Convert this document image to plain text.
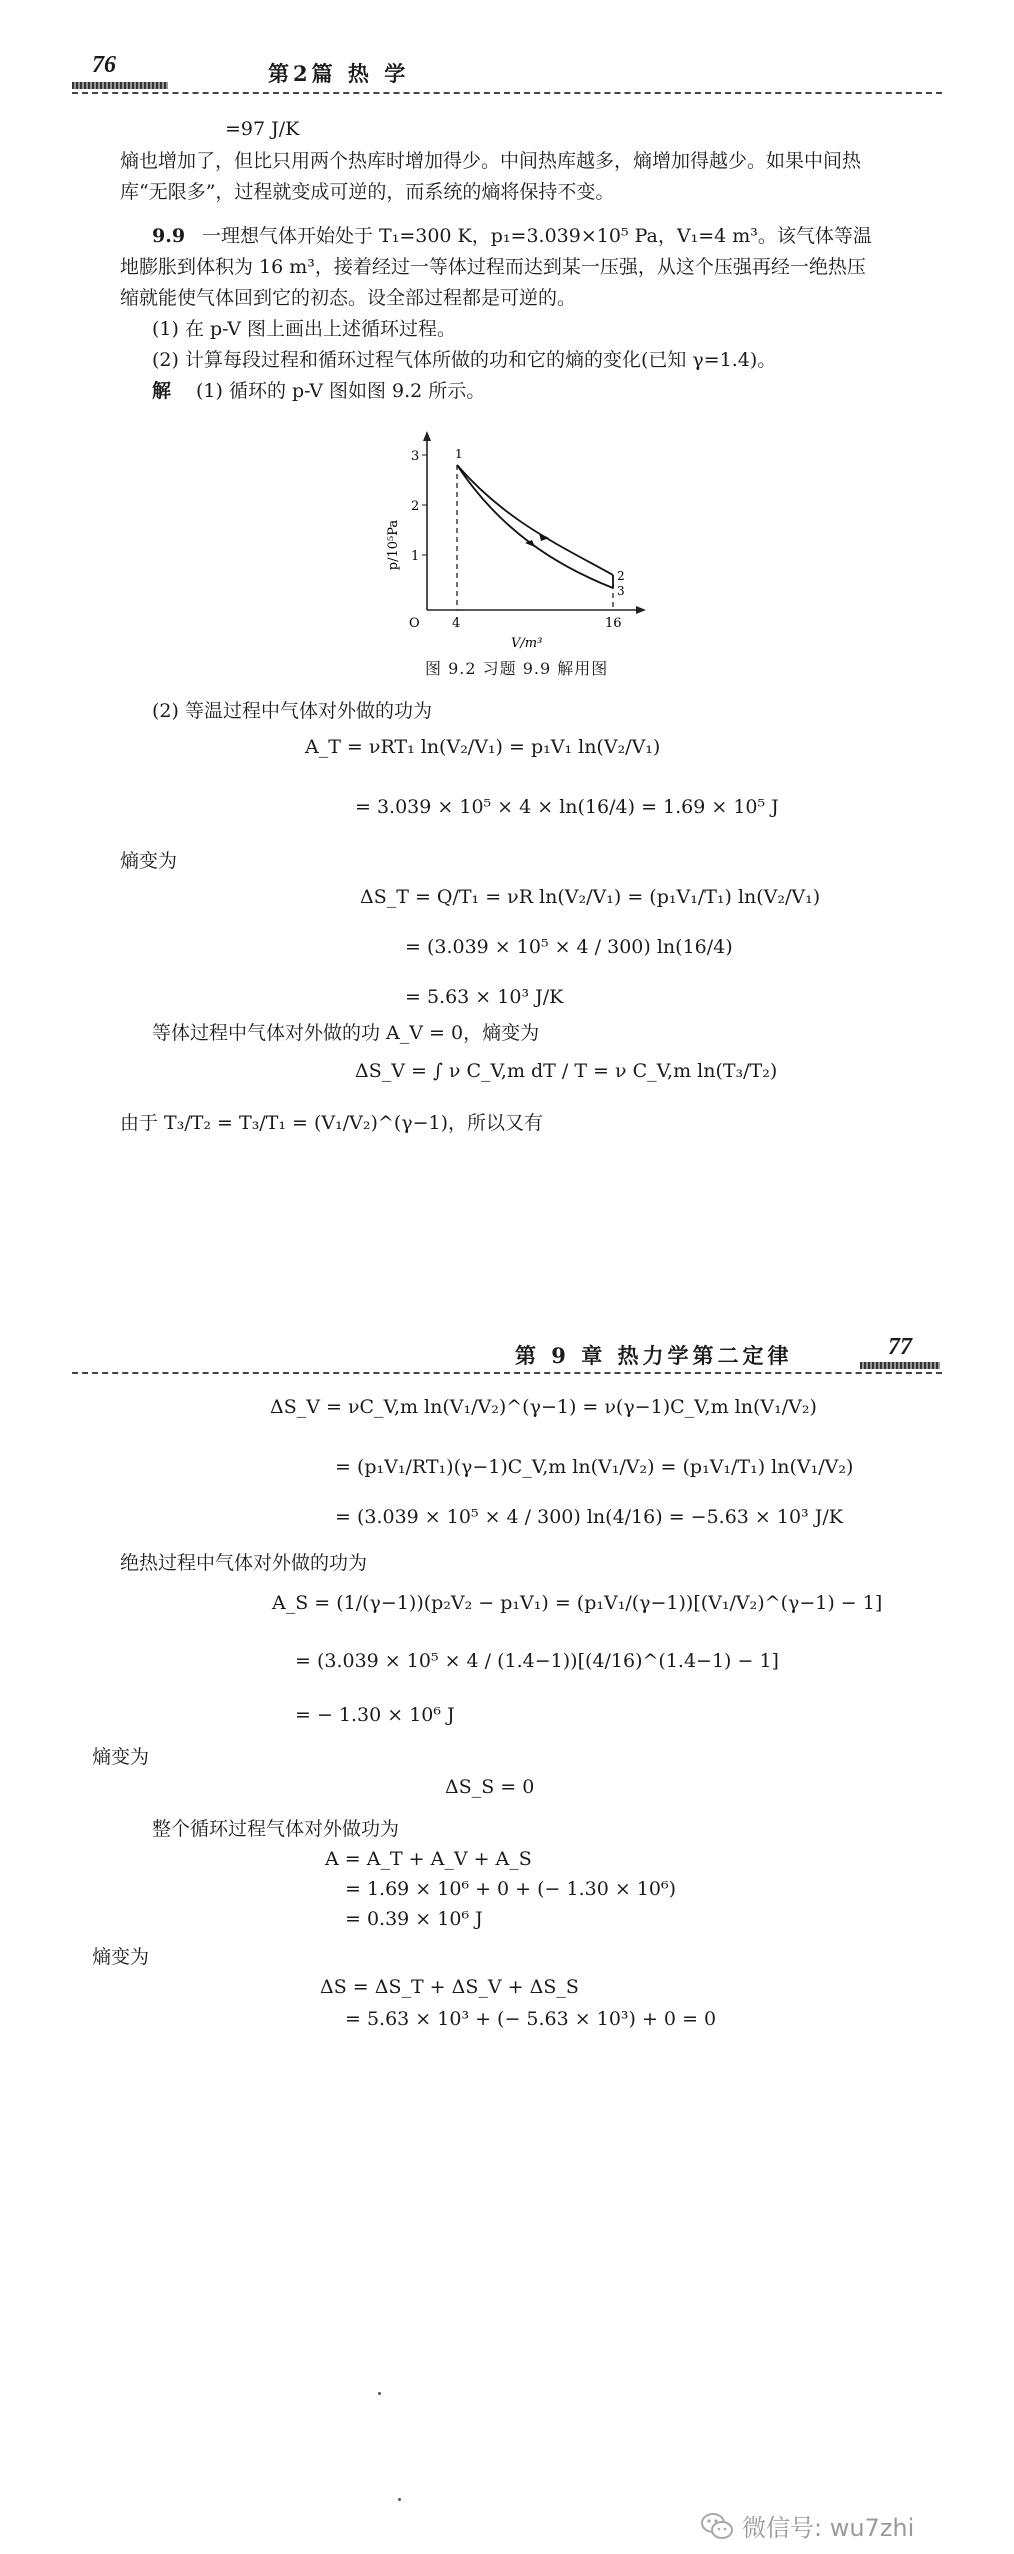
76	第2篇 热 学
=97 J/K
熵也增加了，但比只用两个热库时增加得少。中间热库越多，熵增加得越少。如果中间热
库“无限多”，过程就变成可逆的，而系统的熵将保持不变。
9.9 一理想气体开始处于 T₁=300 K，p₁=3.039×10⁵ Pa，V₁=4 m³。该气体等温
地膨胀到体积为 16 m³，接着经过一等体过程而达到某一压强，从这个压强再经一绝热压
缩就能使气体回到它的初态。设全部过程都是可逆的。
(1) 在 p-V 图上画出上述循环过程。
(2) 计算每段过程和循环过程气体所做的功和它的熵的变化(已知 γ=1.4)。
解 (1) 循环的 p-V 图如图 9.2 所示。
p/10⁵Pa 1
2
3
O 4	16
V/m³
1
2
3
图 9.2 习题 9.9 解用图
(2) 等温过程中气体对外做的功为
A_T = νRT₁ ln(V₂/V₁) = p₁V₁ ln(V₂/V₁)
= 3.039 × 10⁵ × 4 × ln(16/4) = 1.69 × 10⁵ J
熵变为
ΔS_T = Q/T₁ = νR ln(V₂/V₁) = (p₁V₁/T₁) ln(V₂/V₁)
= (3.039 × 10⁵ × 4 / 300) ln(16/4)
= 5.63 × 10³ J/K
等体过程中气体对外做的功 A_V = 0，熵变为
ΔS_V = ∫ ν C_V,m dT / T = ν C_V,m ln(T₃/T₂)
由于 T₃/T₂ = T₃/T₁ = (V₁/V₂)^(γ−1)，所以又有
第 9 章 热力学第二定律	77
ΔS_V = νC_V,m ln(V₁/V₂)^(γ−1) = ν(γ−1)C_V,m ln(V₁/V₂)
= (p₁V₁/RT₁)(γ−1)C_V,m ln(V₁/V₂) = (p₁V₁/T₁) ln(V₁/V₂)
= (3.039 × 10⁵ × 4 / 300) ln(4/16) = −5.63 × 10³ J/K
绝热过程中气体对外做的功为
A_S = (1/(γ−1))(p₂V₂ − p₁V₁) = (p₁V₁/(γ−1))[(V₁/V₂)^(γ−1) − 1]
= (3.039 × 10⁵ × 4 / (1.4−1))[(4/16)^(1.4−1) − 1]
= − 1.30 × 10⁶ J
熵变为
ΔS_S = 0
整个循环过程气体对外做功为
A = A_T + A_V + A_S
= 1.69 × 10⁶ + 0 + (− 1.30 × 10⁶)
= 0.39 × 10⁶ J
熵变为
ΔS = ΔS_T + ΔS_V + ΔS_S
= 5.63 × 10³ + (− 5.63 × 10³) + 0 = 0
微信号: wu7zhi
